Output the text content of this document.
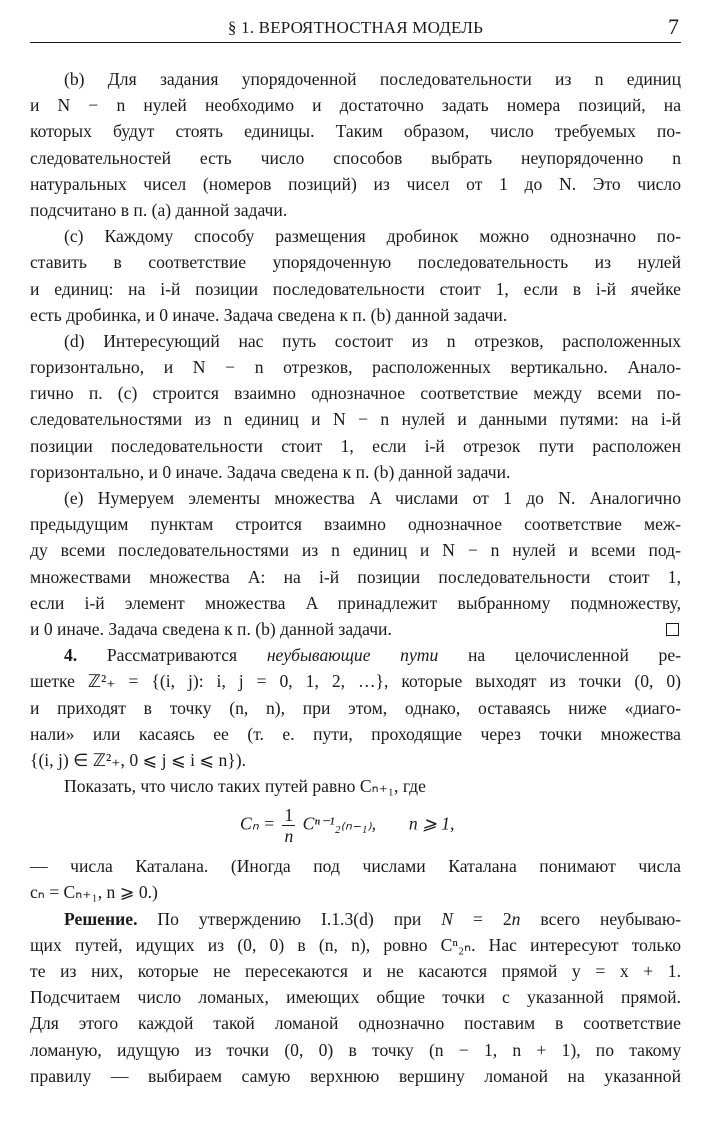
§ 1. ВЕРОЯТНОСТНАЯ МОДЕЛЬ	7
(b) Для задания упорядоченной последовательности из n единиц
и N − n нулей необходимо и достаточно задать номера позиций, на
которых будут стоять единицы. Таким образом, число требуемых по-
следовательностей есть число способов выбрать неупорядоченно n
натуральных чисел (номеров позиций) из чисел от 1 до N. Это число
подсчитано в п. (a) данной задачи.
(c) Каждому способу размещения дробинок можно однозначно по-
ставить в соответствие упорядоченную последовательность из нулей
и единиц: на i-й позиции последовательности стоит 1, если в i-й ячейке
есть дробинка, и 0 иначе. Задача сведена к п. (b) данной задачи.
(d) Интересующий нас путь состоит из n отрезков, расположенных
горизонтально, и N − n отрезков, расположенных вертикально. Анало-
гично п. (c) строится взаимно однозначное соответствие между всеми по-
следовательностями из n единиц и N − n нулей и данными путями: на i-й
позиции последовательности стоит 1, если i-й отрезок пути расположен
горизонтально, и 0 иначе. Задача сведена к п. (b) данной задачи.
(e) Нумеруем элементы множества A числами от 1 до N. Аналогично
предыдущим пунктам строится взаимно однозначное соответствие меж-
ду всеми последовательностями из n единиц и N − n нулей и всеми под-
множествами множества A: на i-й позиции последовательности стоит 1,
если i-й элемент множества A принадлежит выбранному подмножеству,
и 0 иначе. Задача сведена к п. (b) данной задачи.
4. Рассматриваются неубывающие пути на целочисленной ре-
шетке ℤ²₊ = {(i, j): i, j = 0, 1, 2, …}, которые выходят из точки (0, 0)
и приходят в точку (n, n), при этом, однако, оставаясь ниже «диаго-
нали» или касаясь ее (т. е. пути, проходящие через точки множества
{(i, j) ∈ ℤ²₊, 0 ⩽ j ⩽ i ⩽ n}).
Показать, что число таких путей равно Cₙ₊₁, где
$C_n = \frac{1}{n} C^{n-1}_{2(n-1)}$, n ⩾ 1,
— числа Каталана. (Иногда под числами Каталана понимают числа
cₙ = Cₙ₊₁, n ⩾ 0.)
Решение. По утверждению I.1.3(d) при N = 2n всего неубываю-
щих путей, идущих из (0, 0) в (n, n), ровно Cⁿ₂ₙ. Нас интересуют только
те из них, которые не пересекаются и не касаются прямой y = x + 1.
Подсчитаем число ломаных, имеющих общие точки с указанной прямой.
Для этого каждой такой ломаной однозначно поставим в соответствие
ломаную, идущую из точки (0, 0) в точку (n − 1, n + 1), по такому
правилу — выбираем самую верхнюю вершину ломаной на указанной
